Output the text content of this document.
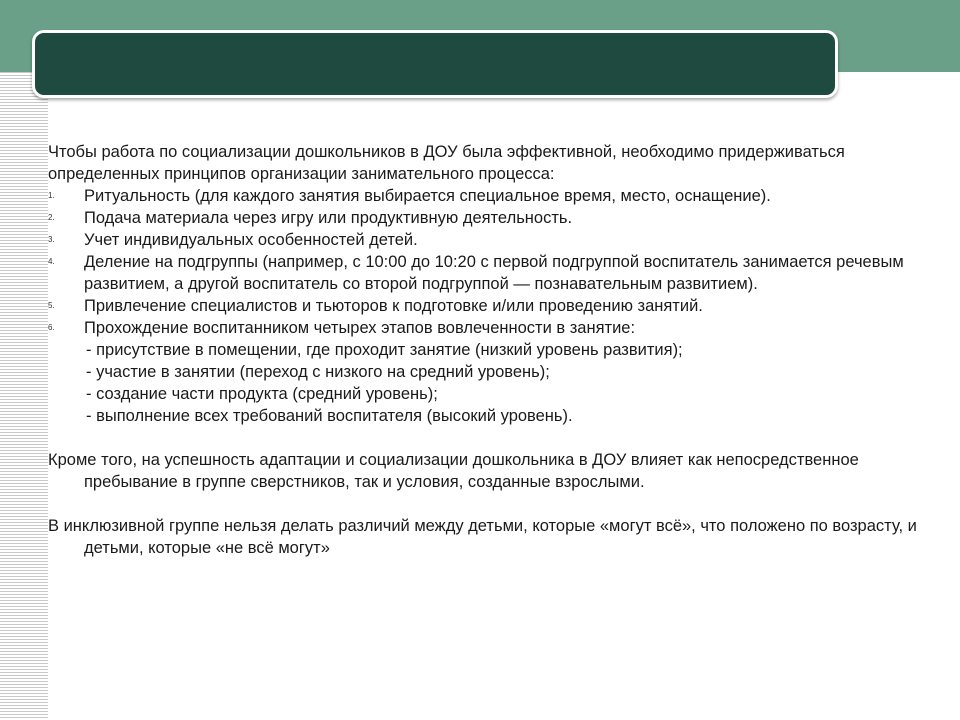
Чтобы работа по социализации дошкольников в ДОУ была эффективной, необходимо придерживаться определенных принципов организации занимательного процесса:

1. Ритуальность (для каждого занятия выбирается специальное время, место, оснащение).
2. Подача материала через игру или продуктивную деятельность.
3. Учет индивидуальных особенностей детей.
4. Деление на подгруппы (например, с 10:00 до 10:20 с первой подгруппой воспитатель занимается речевым развитием, а другой воспитатель со второй подгруппой — познавательным развитием).
5. Привлечение специалистов и тьюторов к подготовке и/или проведению занятий.
6. Прохождение воспитанником четырех этапов вовлеченности в занятие:
- присутствие в помещении, где проходит занятие (низкий уровень развития);
- участие в занятии (переход с низкого на средний уровень);
- создание части продукта (средний уровень);
- выполнение всех требований воспитателя (высокий уровень).

Кроме того, на успешность адаптации и социализации дошкольника в ДОУ влияет как непосредственное пребывание в группе сверстников, так и условия, созданные взрослыми.

В инклюзивной группе нельзя делать различий между детьми, которые «могут всё», что положено по возрасту, и детьми, которые «не всё могут»
